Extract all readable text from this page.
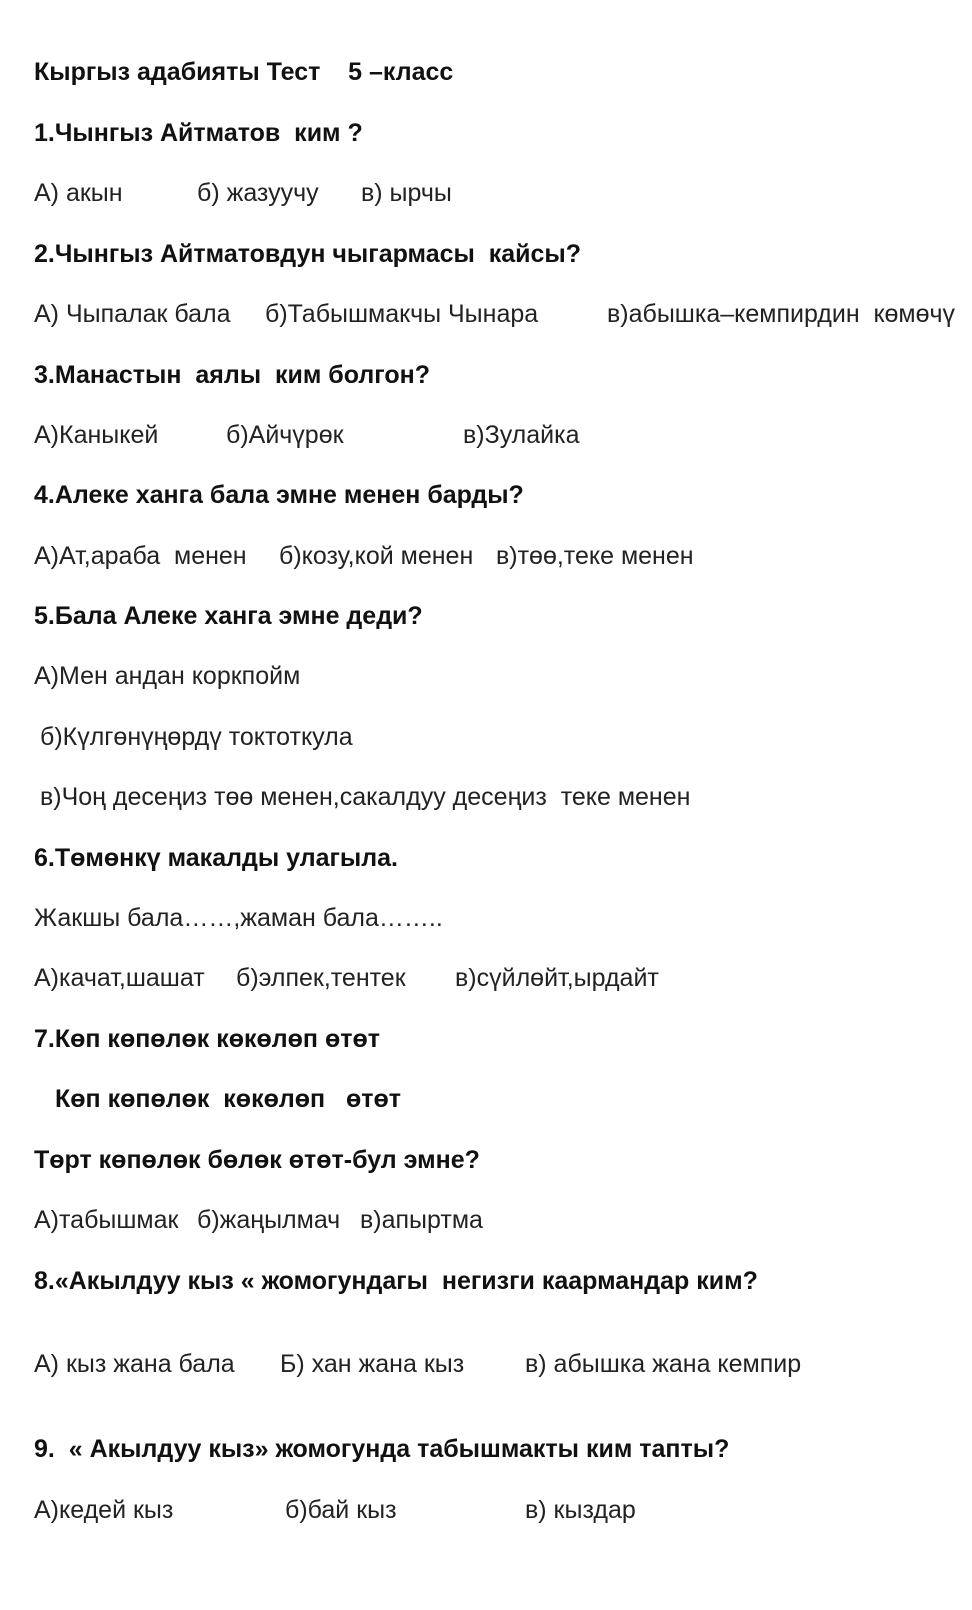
Кыргыз адабияты Тест    5 –класс
1.Чынгыз Айтматов  ким ?

А) акын

	б) жазуучу

в) ырчы

2.Чынгыз Айтматовдун чыгармасы  кайсы?

А) Чыпалак бала

б)Табышмакчы Чынара

	в)абышка–кемпирдин  көмөчү

3.Манастын  аялы  ким болгон?

А)Каныкей

	б)Айчүрөк

	в)Зулайка

4.Алеке ханга бала эмне менен барды?

А)Ат,араба  менен

б)козу,кой менен

в)төө,теке менен

5.Бала Алеке ханга эмне деди?
А)Мен андан коркпойм
б)Күлгөнүңөрдү токтоткула
в)Чоң десеңиз төө менен,сакалдуу десеңиз  теке менен
6.Төмөнкү макалды улагыла.
Жакшы бала……,жаман бала……..

А)качат,шашат

б)элпек,тентек

в)сүйлөйт,ырдайт

7.Көп көпөлөк көкөлөп өтөт
Көп көпөлөк  көкөлөп   өтөт
Төрт көпөлөк бөлөк өтөт-бул эмне?

А)табышмак

б)жаңылмач

в)апыртма

8.«Акылдуу кыз « жомогундагы  негизги каармандар ким?

А) кыз жана бала

Б) хан жана кыз

в) абышка жана кемпир

9.  « Акылдуу кыз» жомогунда табышмакты ким тапты?

А)кедей кыз

	б)бай кыз

	в) кыздар
